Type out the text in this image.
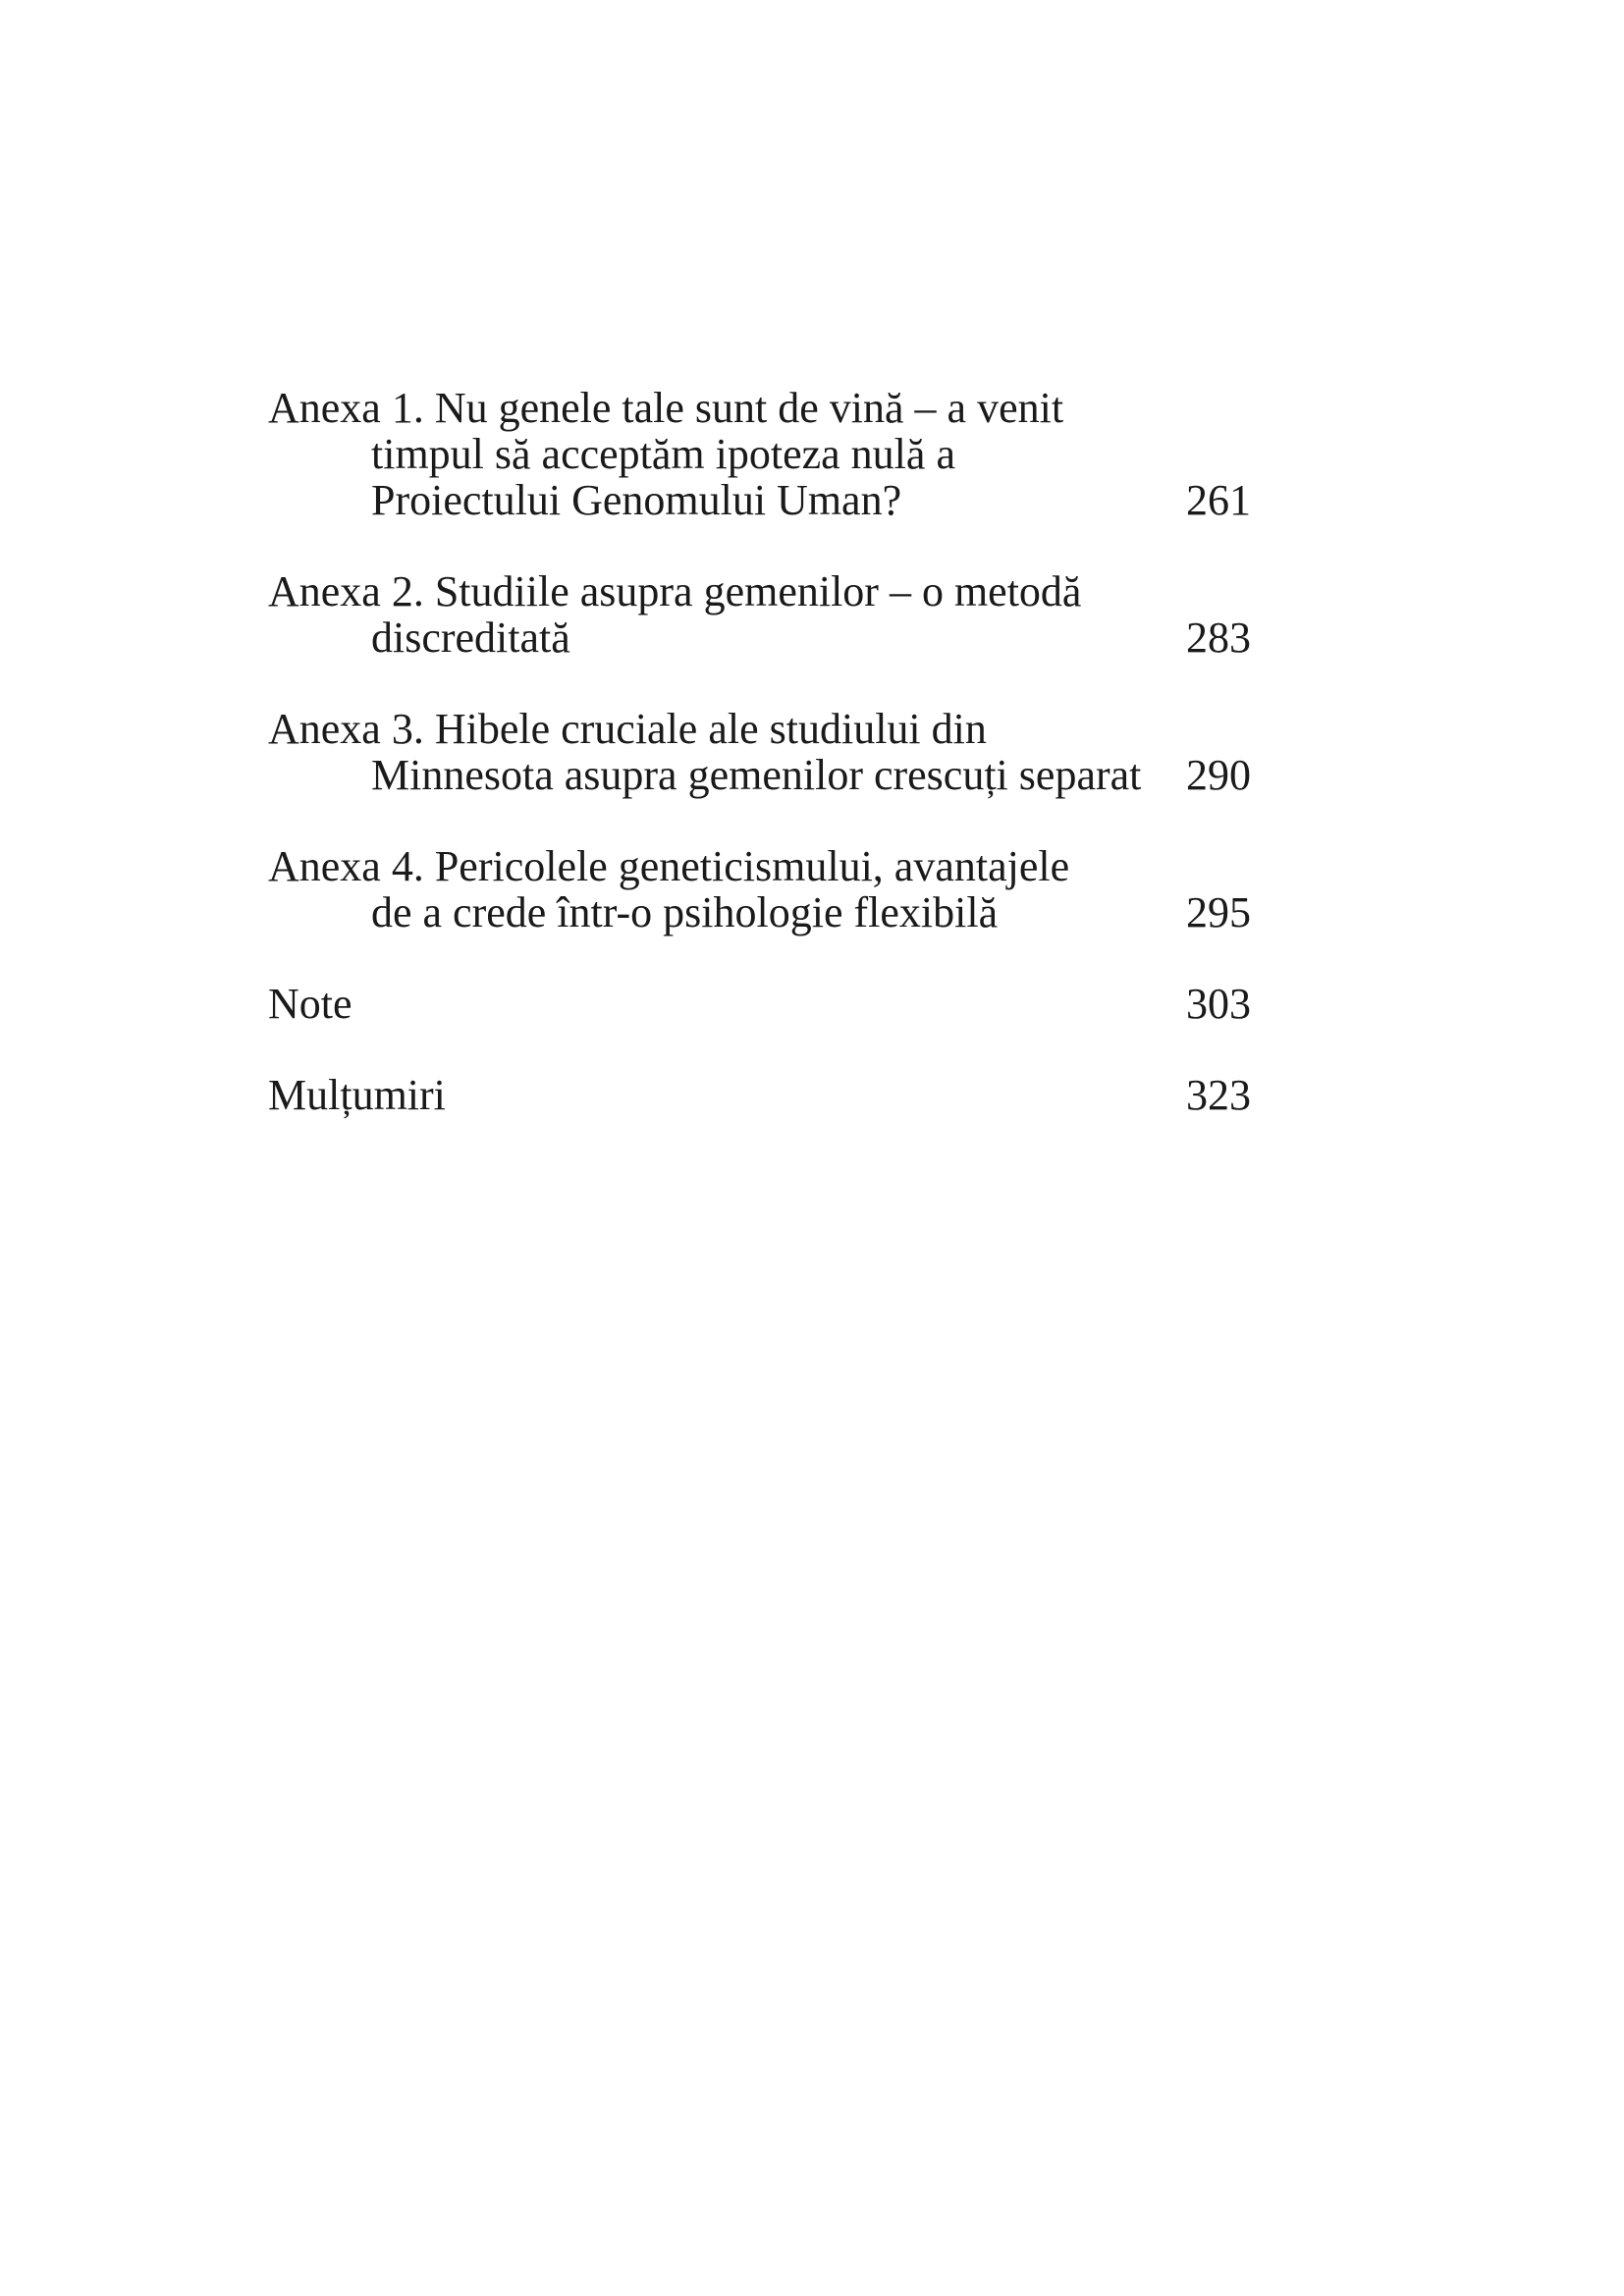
Anexa 1. Nu genele tale sunt de vină – a venit
timpul să acceptăm ipoteza nulă a
Proiectului Genomului Uman?	261
Anexa 2. Studiile asupra gemenilor – o metodă
discreditată	283
Anexa 3. Hibele cruciale ale studiului din
Minnesota asupra gemenilor crescuți separat	290
Anexa 4. Pericolele geneticismului, avantajele
de a crede într-o psihologie flexibilă	295
Note	303
Mulțumiri	323
